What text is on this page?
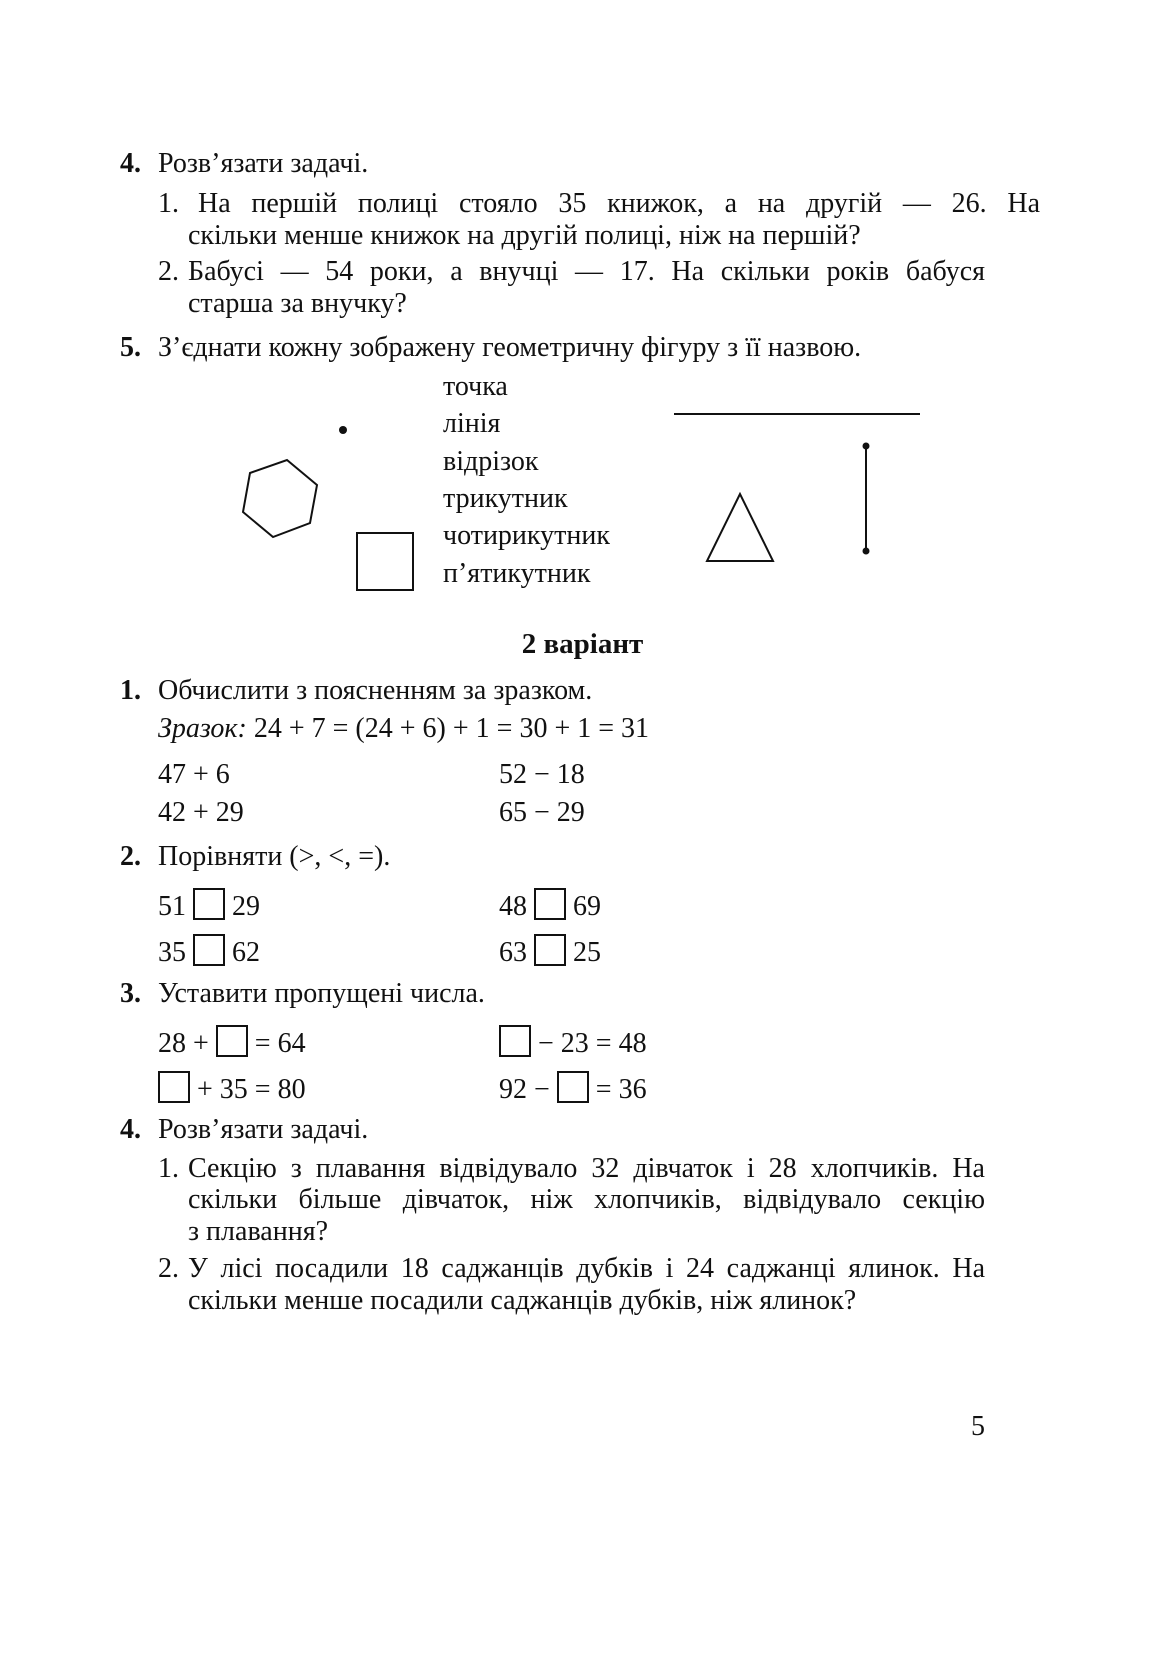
4. Розв’язати задачі.
1. На першій полиці стояло 35 книжок, а на другій — 26. На
скільки менше книжок на другій полиці, ніж на першій?
2. Бабусі — 54 роки, а внучці — 17. На скільки років бабуся
старша за внучку?
5. З’єднати кожну зображену геометричну фігуру з її назвою.
точка
лінія
відрізок
трикутник
чотирикутник
п’ятикутник
2 варіант
1. Обчислити з поясненням за зразком.
Зразок: 24 + 7 = (24 + 6) + 1 = 30 + 1 = 31
47 + 6	52 − 18
42 + 29	65 − 29
2. Порівняти (>, <, =).
51 29	48 69
35 62	63 25
3. Уставити пропущені числа.
28 + = 64	− 23 = 48
+ 35 = 80	92 − = 36
4. Розв’язати задачі.
1. Секцію з плавання відвідувало 32 дівчаток і 28 хлопчиків. На
скільки більше дівчаток, ніж хлопчиків, відвідувало секцію
з плавання?
2. У лісі посадили 18 саджанців дубків і 24 саджанці ялинок. На
скільки менше посадили саджанців дубків, ніж ялинок?
5
